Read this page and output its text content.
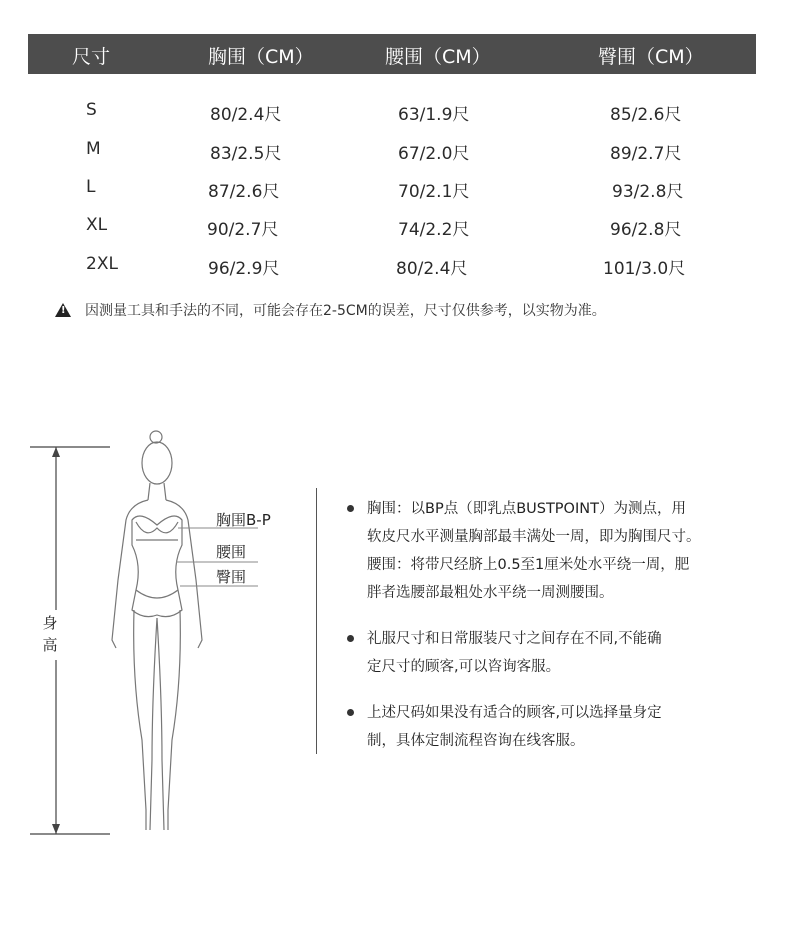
尺寸	胸围（CM）	腰围（CM）	臀围（CM）
S	80/2.4尺	63/1.9尺	85/2.6尺
M	83/2.5尺	67/2.0尺	89/2.7尺
L	87/2.6尺	70/2.1尺	93/2.8尺
XL	90/2.7尺	74/2.2尺	96/2.8尺
2XL	96/2.9尺	80/2.4尺	101/3.0尺
!
因测量工具和手法的不同，可能会存在2-5CM的误差，尺寸仅供参考，以实物为准。
身
高
胸围B-P
腰围
臀围
胸围：以BP点（即乳点BUSTPOINT）为测点，用
软皮尺水平测量胸部最丰满处一周，即为胸围尺寸。
腰围：将带尺经脐上0.5至1厘米处水平绕一周，肥
胖者选腰部最粗处水平绕一周测腰围。
礼服尺寸和日常服装尺寸之间存在不同,不能确
定尺寸的顾客,可以咨询客服。
上述尺码如果没有适合的顾客,可以选择量身定
制，具体定制流程咨询在线客服。
